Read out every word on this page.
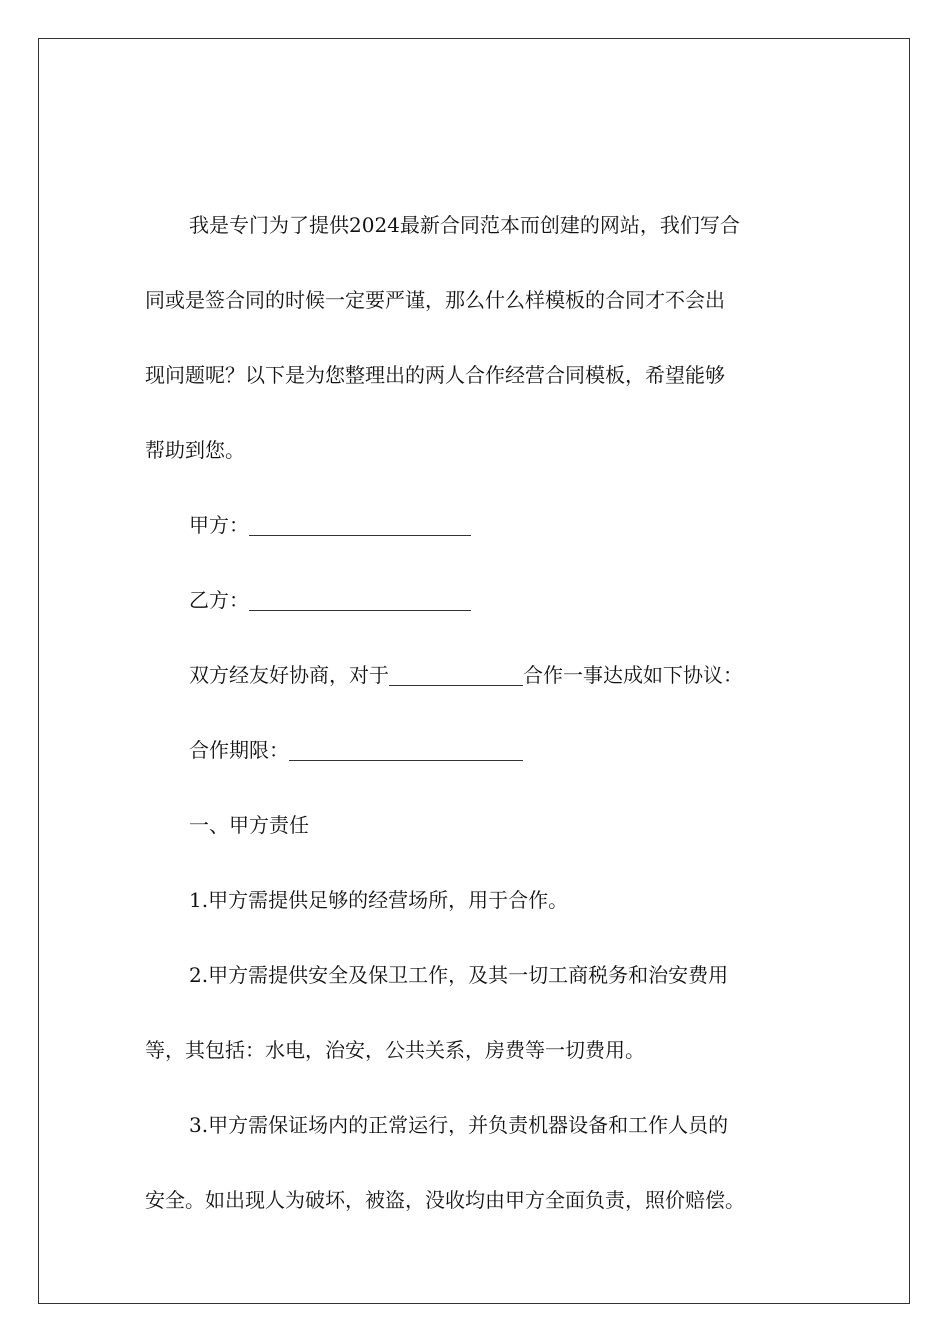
我是专门为了提供2024最新合同范本而创建的网站，我们写合
同或是签合同的时候一定要严谨，那么什么样模板的合同才不会出
现问题呢？以下是为您整理出的两人合作经营合同模板，希望能够
帮助到您。
甲方：
乙方：
双方经友好协商，对于	合作一事达成如下协议：
合作期限：
一、甲方责任
1.甲方需提供足够的经营场所，用于合作。
2.甲方需提供安全及保卫工作，及其一切工商税务和治安费用
等，其包括：水电，治安，公共关系，房费等一切费用。
3.甲方需保证场内的正常运行，并负责机器设备和工作人员的
安全。如出现人为破坏，被盗，没收均由甲方全面负责，照价赔偿。
